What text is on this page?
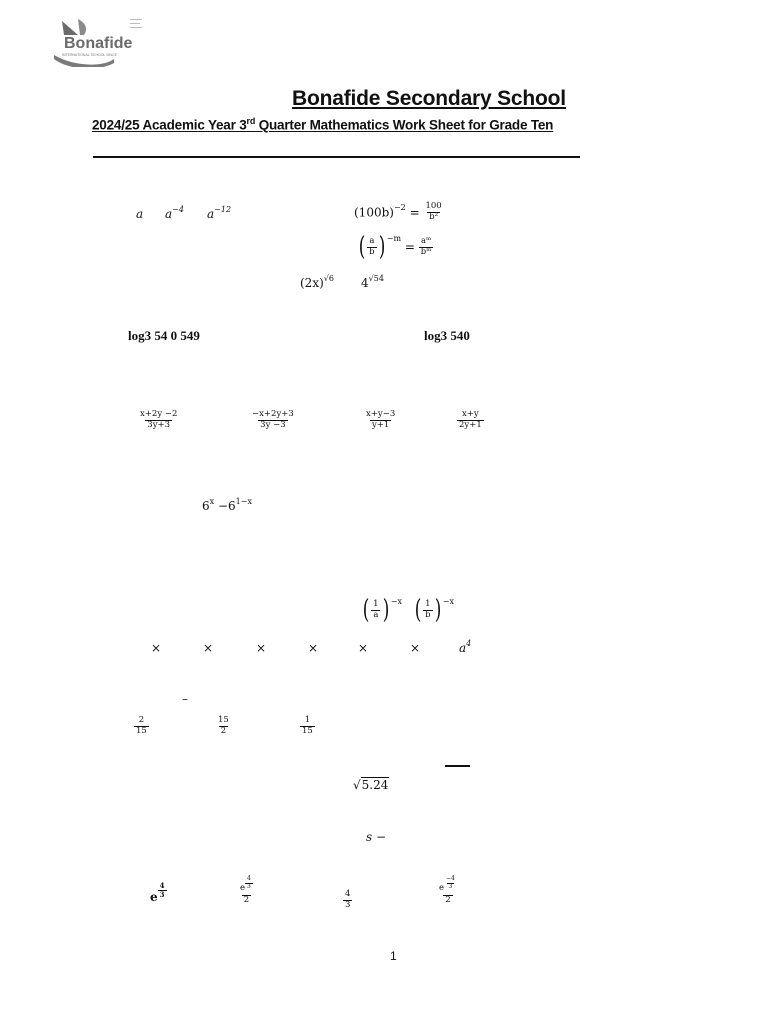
Bonafide
INTERNATIONAL SCHOOL SINCE
Bonafide Secondary School
2024/25 Academic Year 3rd Quarter Mathematics Work Sheet for Grade Ten
a $a^{-4}$ $a^{-12}$	$(100b)^{-2} = \frac{100}{\text{b²}}$
( $\frac{a}{b}$ ) $^{-m} = \frac{\text{aᵐ}}{\text{bᵐ}}$
$(2x)^{√6}$ $4^{√54}$
log3 54 0 549	log3 540
$\frac{x+2y -2}{3y+3}$	$\frac{-x+2y+3}{3y -3}$	$\frac{x+y-3}{y+1}$	$\frac{x+y}{2y+1}$
$6^x -6^{1-x}$
( $\frac{1}{a}$ ) $^{-x}$ ( $\frac{1}{b}$ ) $^{-x}$
×	×	×	×	×	×	$a^4$
–
$\frac{2}{15}$	$\frac{15}{2}$	$\frac{1}{15}$
√5.24
s −
e $\frac{4}{3}$	$\frac{e \frac{4}{3}}{2}$	$\frac{4}{3}$	$\frac{e \frac{-4}{3}}{2}$
1
